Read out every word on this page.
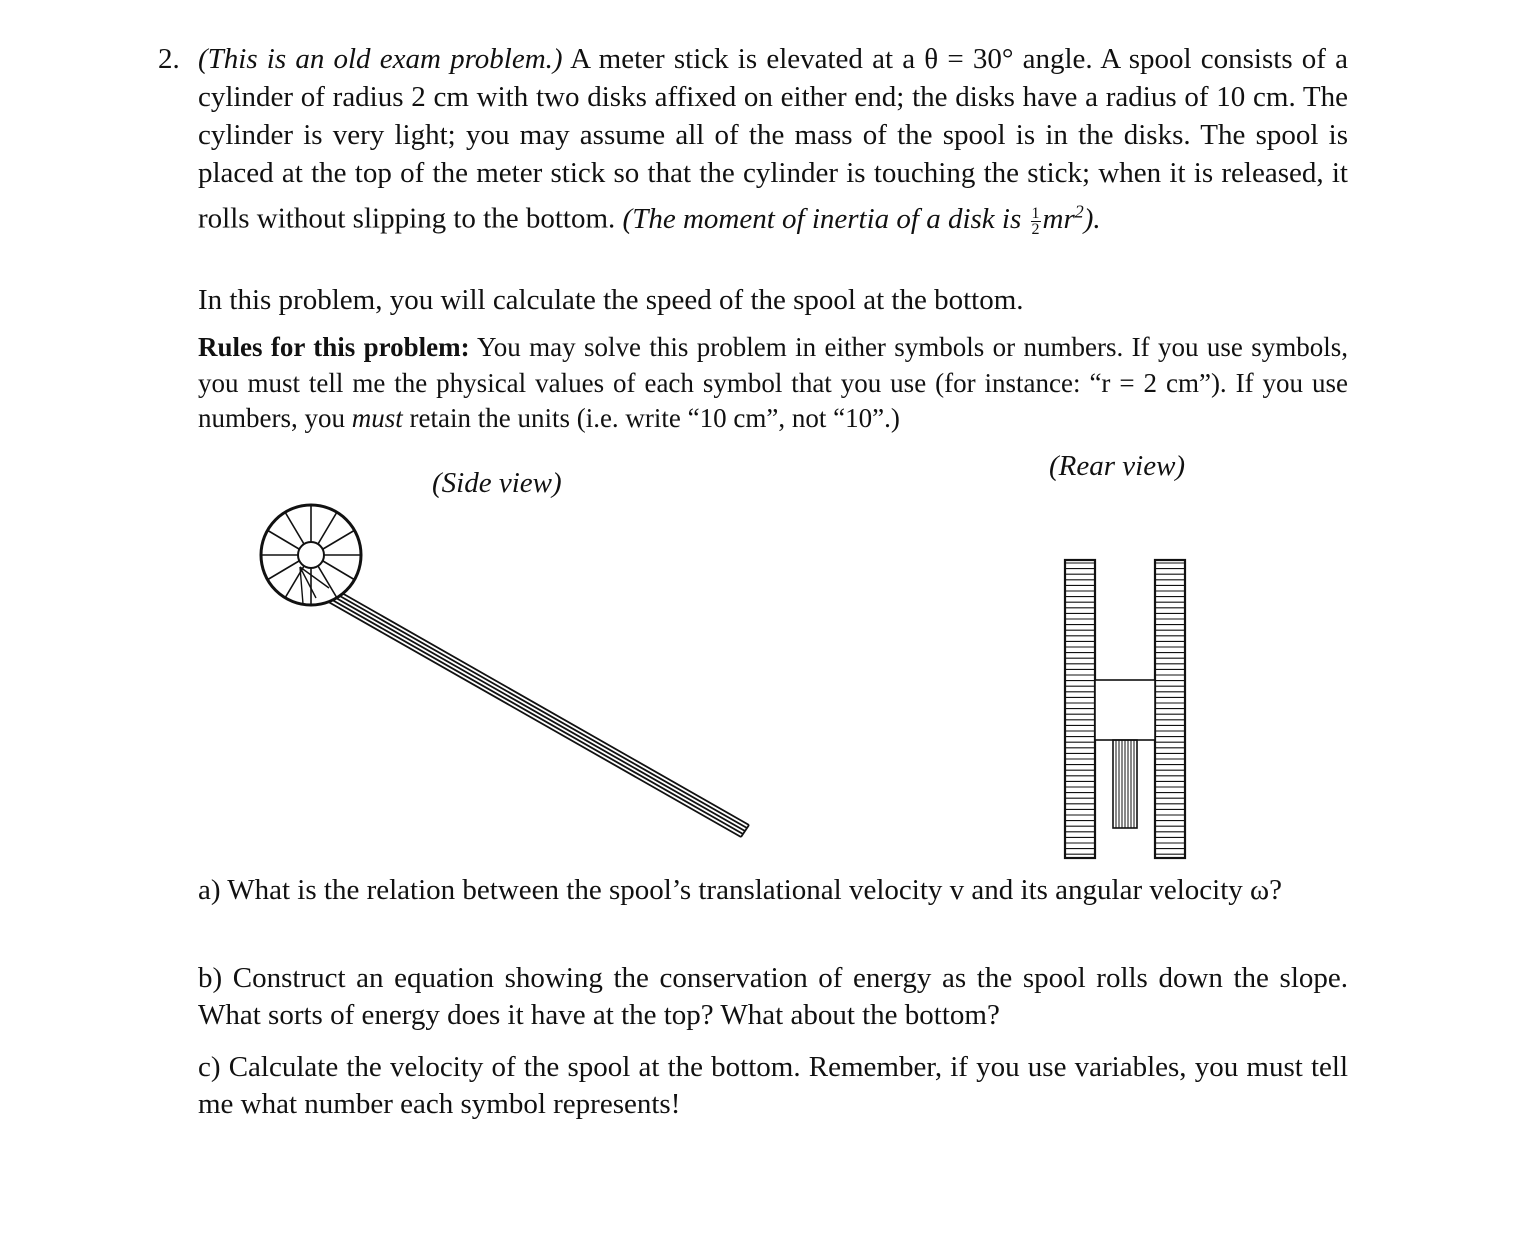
2. (This is an old exam problem.) A meter stick is elevated at a θ = 30° angle. A spool consists of a cylinder of radius 2 cm with two disks affixed on either end; the disks have a radius of 10 cm. The cylinder is very light; you may assume all of the mass of the spool is in the disks. The spool is placed at the top of the meter stick so that the cylinder is touching the stick; when it is released, it rolls without slipping to the bottom. (The moment of inertia of a disk is $\frac{1}{2} mr^2$).
In this problem, you will calculate the speed of the spool at the bottom.
Rules for this problem: You may solve this problem in either symbols or numbers. If you use symbols, you must tell me the physical values of each symbol that you use (for instance: “r = 2 cm”). If you use numbers, you must retain the units (i.e. write “10 cm”, not “10”.)
(Side view)
(Rear view)
a) What is the relation between the spool’s translational velocity v and its angular velocity ω?
b) Construct an equation showing the conservation of energy as the spool rolls down the slope. What sorts of energy does it have at the top? What about the bottom?
c) Calculate the velocity of the spool at the bottom. Remember, if you use variables, you must tell me what number each symbol represents!
